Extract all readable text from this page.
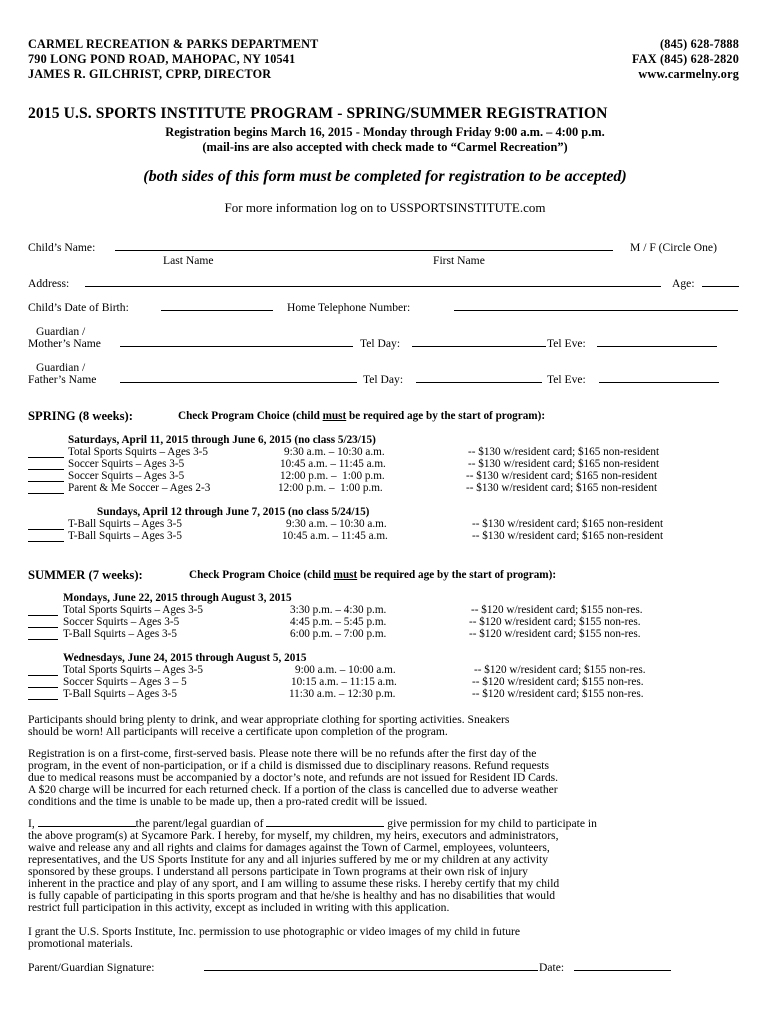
CARMEL RECREATION & PARKS DEPARTMENT
790 LONG POND ROAD, MAHOPAC, NY 10541
JAMES R. GILCHRIST, CPRP, DIRECTOR
(845) 628-7888
FAX (845) 628-2820
www.carmelny.org
2015 U.S. SPORTS INSTITUTE PROGRAM - SPRING/SUMMER REGISTRATION
Registration begins March 16, 2015 - Monday through Friday 9:00 a.m. – 4:00 p.m.
(mail-ins are also accepted with check made to “Carmel Recreation”)
(both sides of this form must be completed for registration to be accepted)
For more information log on to USSPORTSINSTITUTE.com
Child’s Name:	M / F (Circle One)
Last Name	First Name
Address:	Age:
Child’s Date of Birth:	Home Telephone Number:
Guardian /
Mother’s Name	Tel Day:	Tel Eve:
Guardian /
Father’s Name	Tel Day:	Tel Eve:
SPRING (8 weeks):	Check Program Choice (child must be required age by the start of program):
Saturdays, April 11, 2015 through June 6, 2015 (no class 5/23/15)
Total Sports Squirts – Ages 3-5	9:30 a.m. – 10:30 a.m.	-- $130 w/resident card; $165 non-resident
Soccer Squirts – Ages 3-5	10:45 a.m. – 11:45 a.m.	-- $130 w/resident card; $165 non-resident
Soccer Squirts – Ages 3-5	12:00 p.m. –  1:00 p.m.	-- $130 w/resident card; $165 non-resident
Parent & Me Soccer – Ages 2-3	12:00 p.m. –  1:00 p.m.	-- $130 w/resident card; $165 non-resident
Sundays, April 12 through June 7, 2015 (no class 5/24/15)
T-Ball Squirts – Ages 3-5	9:30 a.m. – 10:30 a.m.	-- $130 w/resident card; $165 non-resident
T-Ball Squirts – Ages 3-5	10:45 a.m. – 11:45 a.m.	-- $130 w/resident card; $165 non-resident
SUMMER (7 weeks):	Check Program Choice (child must be required age by the start of program):
Mondays, June 22, 2015 through August 3, 2015
Total Sports Squirts – Ages 3-5	3:30 p.m. – 4:30 p.m.	-- $120 w/resident card; $155 non-res.
Soccer Squirts – Ages 3-5	4:45 p.m. – 5:45 p.m.	-- $120 w/resident card; $155 non-res.
T-Ball Squirts – Ages 3-5	6:00 p.m. – 7:00 p.m.	-- $120 w/resident card; $155 non-res.
Wednesdays, June 24, 2015 through August 5, 2015
Total Sports Squirts – Ages 3-5	9:00 a.m. – 10:00 a.m.	-- $120 w/resident card; $155 non-res.
Soccer Squirts – Ages 3 – 5	10:15 a.m. – 11:15 a.m.	-- $120 w/resident card; $155 non-res.
T-Ball Squirts – Ages 3-5	11:30 a.m. – 12:30 p.m.	-- $120 w/resident card; $155 non-res.
Participants should bring plenty to drink, and wear appropriate clothing for sporting activities. Sneakers
should be worn! All participants will receive a certificate upon completion of the program.
Registration is on a first-come, first-served basis. Please note there will be no refunds after the first day of the
program, in the event of non-participation, or if a child is dismissed due to disciplinary reasons. Refund requests
due to medical reasons must be accompanied by a doctor’s note, and refunds are not issued for Resident ID Cards.
A $20 charge will be incurred for each returned check. If a portion of the class is cancelled due to adverse weather
conditions and the time is unable to be made up, then a pro-rated credit will be issued.
I,	the parent/legal guardian of	give permission for my child to participate in
the above program(s) at Sycamore Park. I hereby, for myself, my children, my heirs, executors and administrators,
waive and release any and all rights and claims for damages against the Town of Carmel, employees, volunteers,
representatives, and the US Sports Institute for any and all injuries suffered by me or my children at any activity
sponsored by these groups. I understand all persons participate in Town programs at their own risk of injury
inherent in the practice and play of any sport, and I am willing to assume these risks. I hereby certify that my child
is fully capable of participating in this sports program and that he/she is healthy and has no disabilities that would
restrict full participation in this activity, except as included in writing with this application.
I grant the U.S. Sports Institute, Inc. permission to use photographic or video images of my child in future
promotional materials.
Parent/Guardian Signature:	Date:
